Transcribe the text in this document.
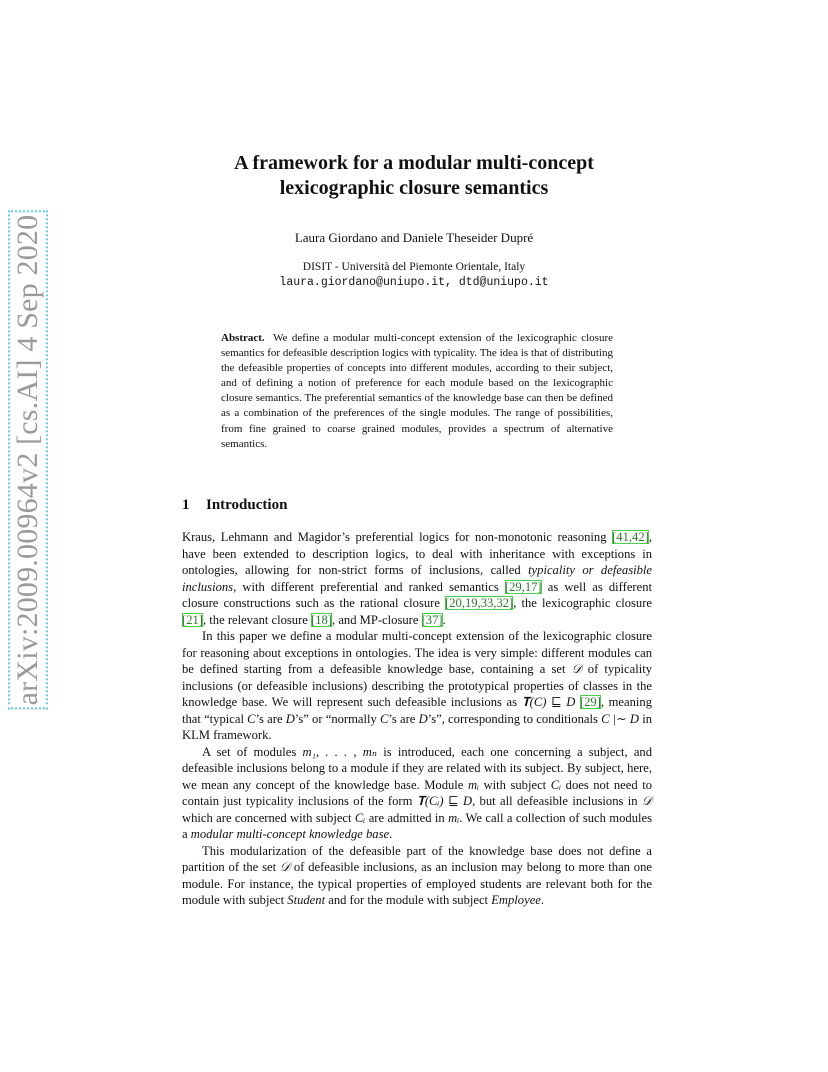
arXiv:2009.00964v2 [cs.AI] 4 Sep 2020
A framework for a modular multi-concept
lexicographic closure semantics
Laura Giordano and Daniele Theseider Dupré
DISIT - Università del Piemonte Orientale, Italy
laura.giordano@uniupo.it, dtd@uniupo.it
Abstract. We define a modular multi-concept extension of the lexicographic closure semantics for defeasible description logics with typicality. The idea is that of distributing the defeasible properties of concepts into different modules, according to their subject, and of defining a notion of preference for each module based on the lexicographic closure semantics. The preferential semantics of the knowledge base can then be defined as a combination of the preferences of the single modules. The range of possibilities, from fine grained to coarse grained modules, provides a spectrum of alternative semantics.
1 Introduction

Kraus, Lehmann and Magidor’s preferential logics for non-monotonic reasoning [41,42], have been extended to description logics, to deal with inheritance with exceptions in ontologies, allowing for non-strict forms of inclusions, called typicality or defeasible inclusions, with different preferential and ranked semantics [29,17] as well as different closure constructions such as the rational closure [20,19,33,32], the lexicographic closure [21], the relevant closure [18], and MP-closure [37].

In this paper we define a modular multi-concept extension of the lexicographic closure for reasoning about exceptions in ontologies. The idea is very simple: different modules can be defined starting from a defeasible knowledge base, containing a set 𝒟 of typicality inclusions (or defeasible inclusions) describing the prototypical properties of classes in the knowledge base. We will represent such defeasible inclusions as 𝐓(C) ⊑ D [29], meaning that “typical C’s are D’s” or “normally C’s are D’s”, corresponding to conditionals C |∼ D in KLM framework.

A set of modules m₁, . . . , mₙ is introduced, each one concerning a subject, and defeasible inclusions belong to a module if they are related with its subject. By subject, here, we mean any concept of the knowledge base. Module mᵢ with subject Cᵢ does not need to contain just typicality inclusions of the form 𝐓(Cᵢ) ⊑ D, but all defeasible inclusions in 𝒟 which are concerned with subject Cᵢ are admitted in mᵢ. We call a collection of such modules a modular multi-concept knowledge base.

This modularization of the defeasible part of the knowledge base does not define a partition of the set 𝒟 of defeasible inclusions, as an inclusion may belong to more than one module. For instance, the typical properties of employed students are relevant both for the module with subject Student and for the module with subject Employee.
